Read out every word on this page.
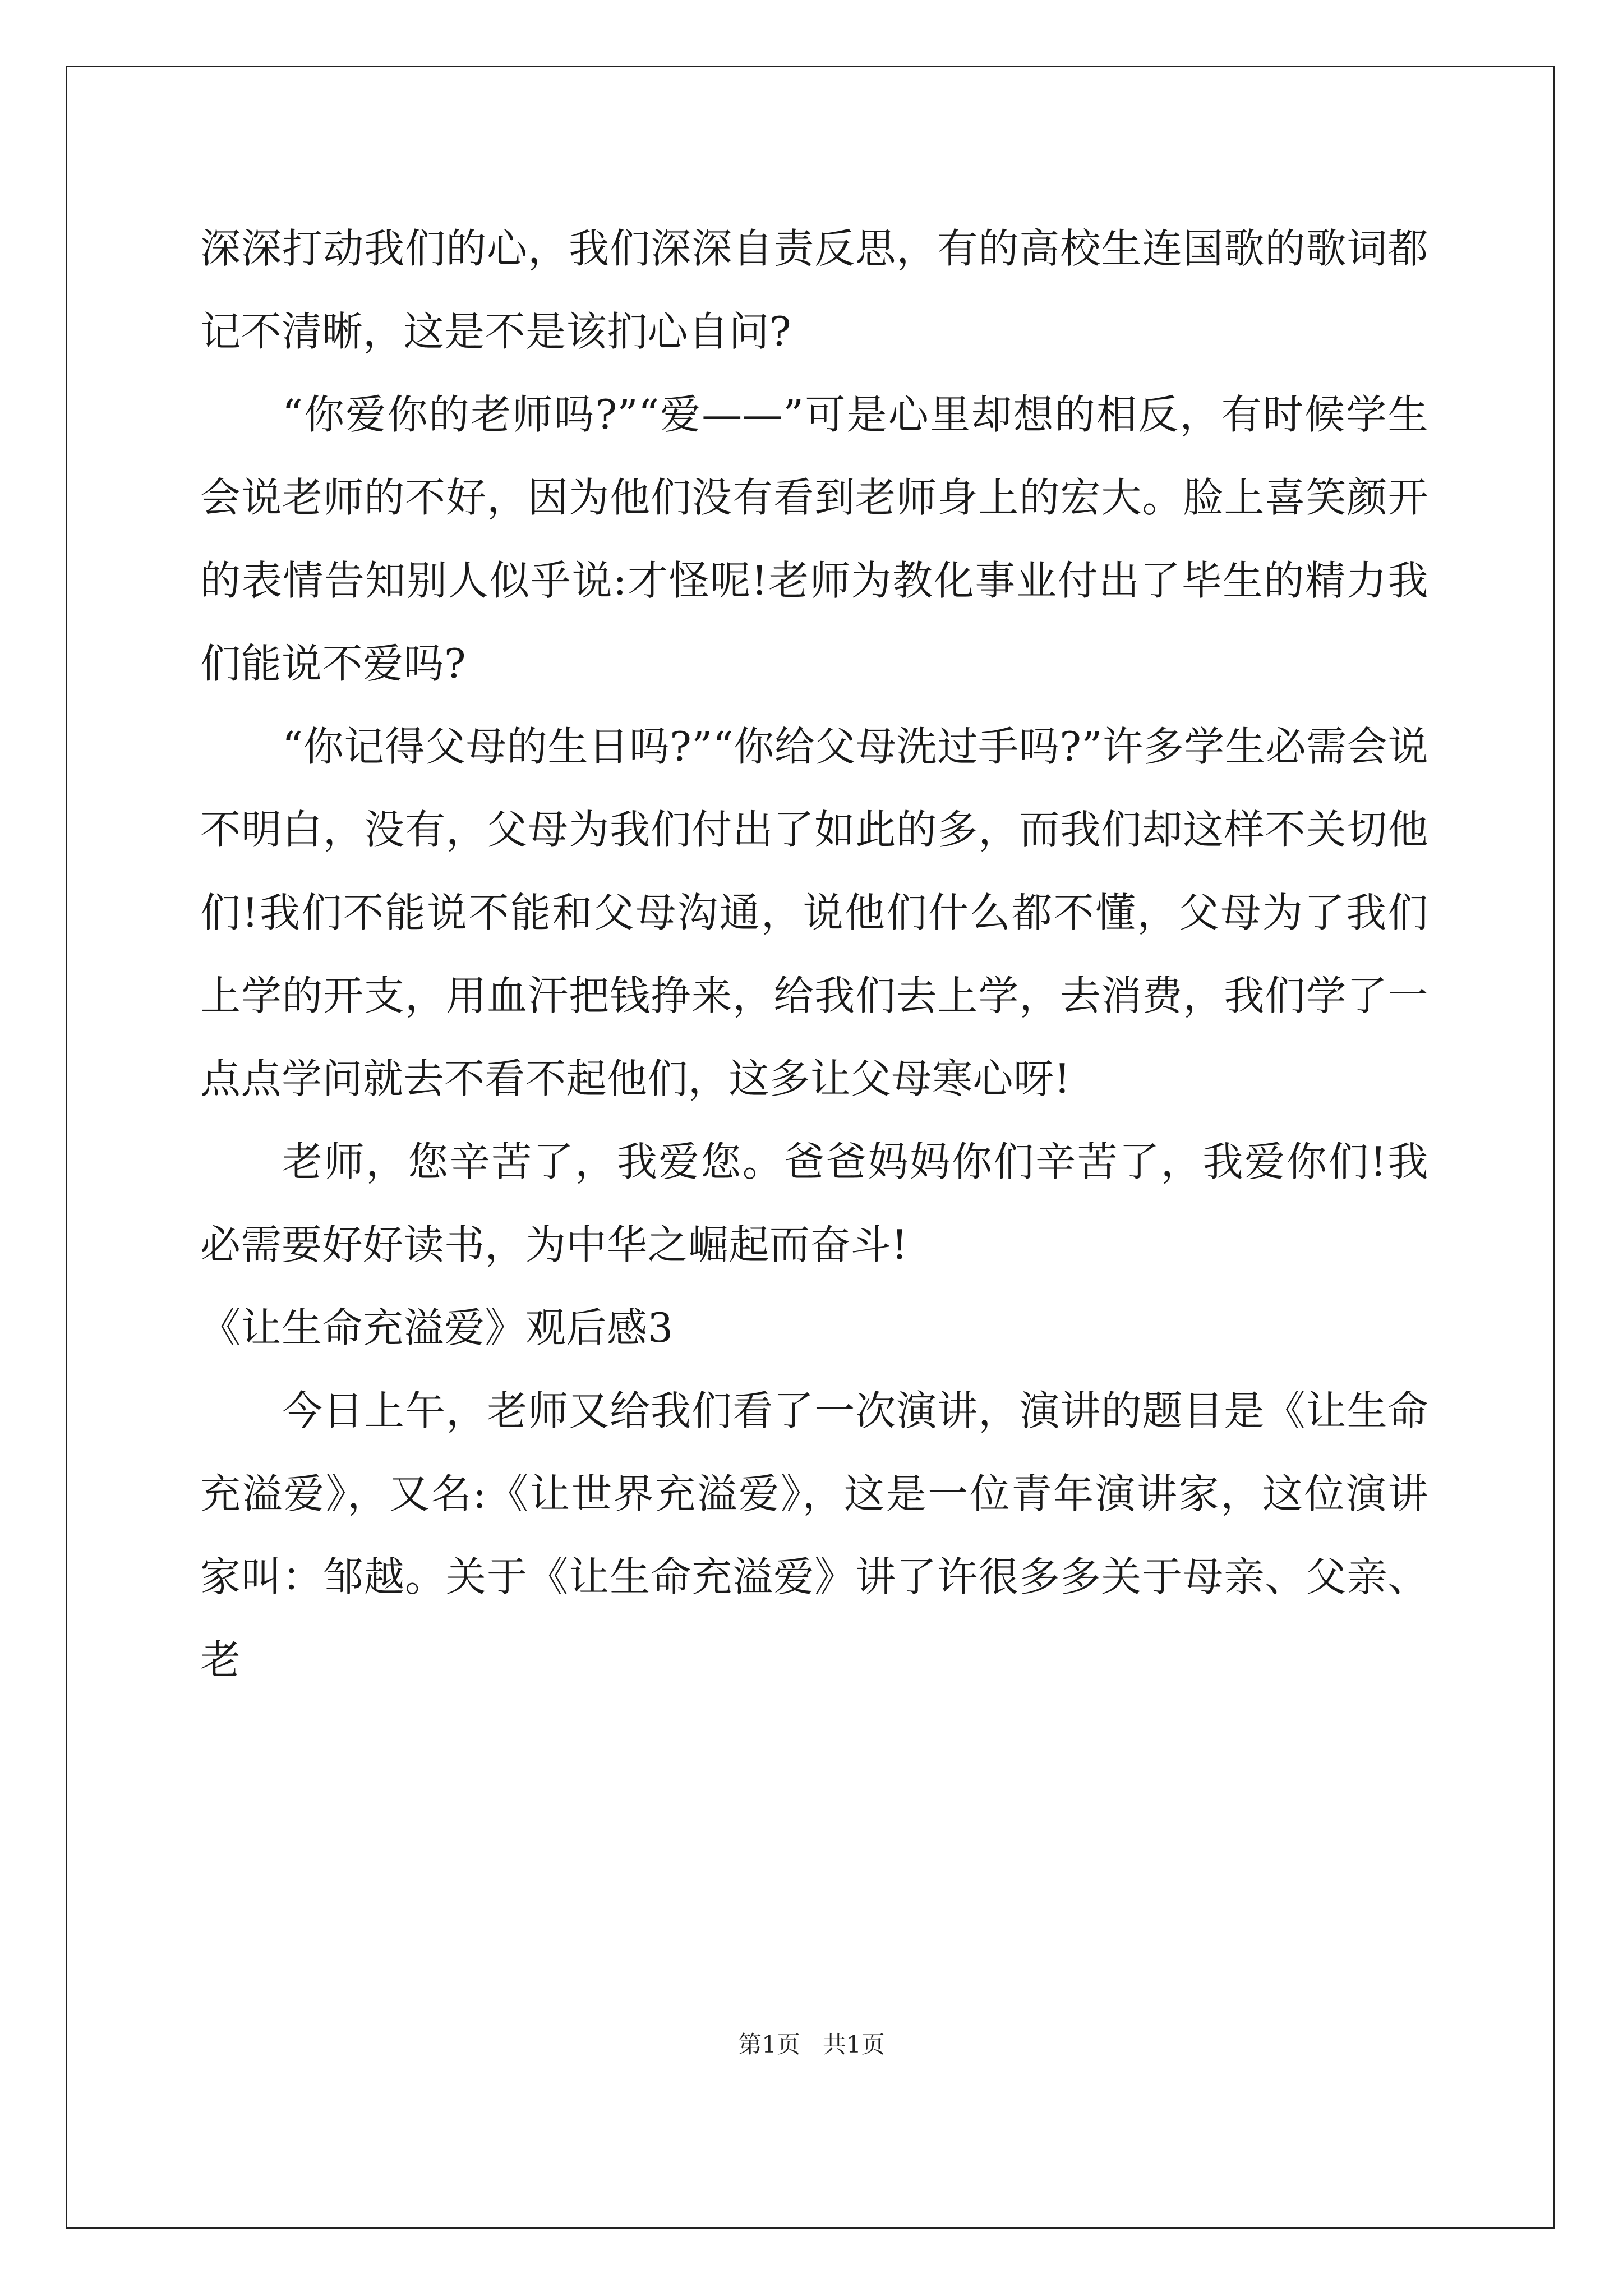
深深打动我们的心，我们深深自责反思，有的高校生连国歌的歌词都记不清晰，这是不是该扪心自问?

“你爱你的老师吗?”“爱——”可是心里却想的相反，有时候学生会说老师的不好，因为他们没有看到老师身上的宏大。脸上喜笑颜开的表情告知别人似乎说:才怪呢!老师为教化事业付出了毕生的精力我们能说不爱吗?

“你记得父母的生日吗?”“你给父母洗过手吗?”许多学生必需会说不明白，没有，父母为我们付出了如此的多，而我们却这样不关切他们!我们不能说不能和父母沟通，说他们什么都不懂，父母为了我们上学的开支，用血汗把钱挣来，给我们去上学，去消费，我们学了一点点学问就去不看不起他们，这多让父母寒心呀!

老师，您辛苦了，我爱您。爸爸妈妈你们辛苦了，我爱你们!我必需要好好读书，为中华之崛起而奋斗!

《让生命充溢爱》观后感3

今日上午，老师又给我们看了一次演讲，演讲的题目是《让生命充溢爱》，又名:《让世界充溢爱》，这是一位青年演讲家，这位演讲家叫：邹越。关于《让生命充溢爱》讲了许很多多关于母亲、父亲、老

第1页 共1页
